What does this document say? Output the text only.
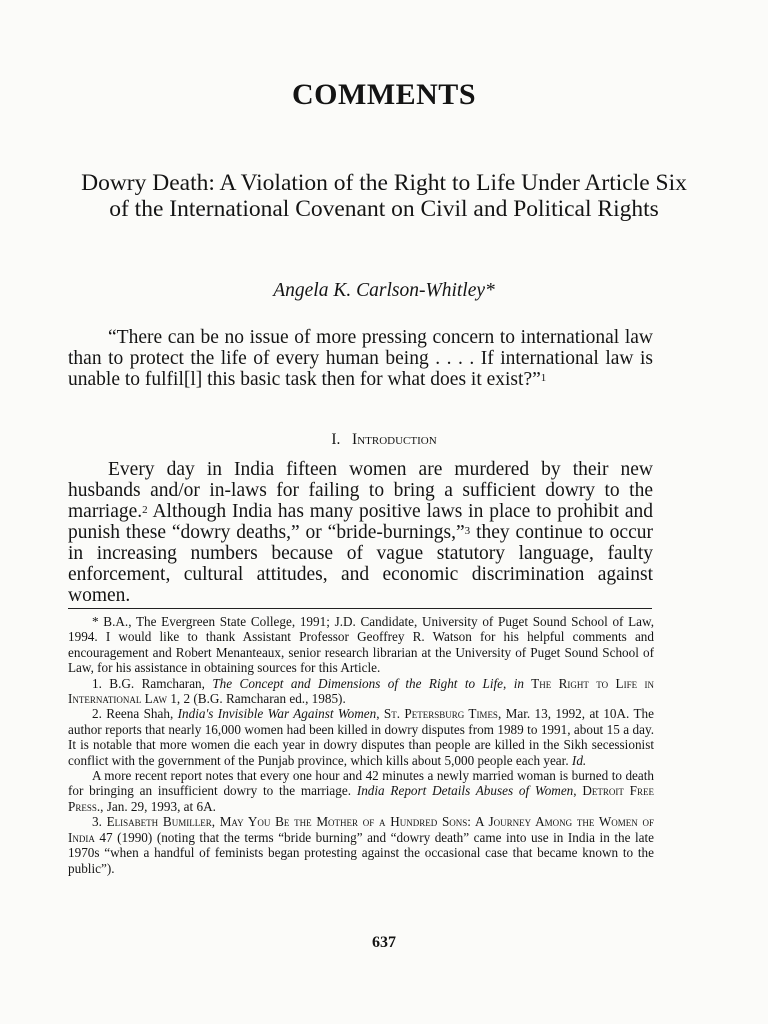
COMMENTS
Dowry Death: A Violation of the Right to Life Under Article Six of the International Covenant on Civil and Political Rights
Angela K. Carlson-Whitley*

“There can be no issue of more pressing concern to international law than to protect the life of every human being . . . . If international law is unable to fulfil[l] this basic task then for what does it exist?”$^1$

I. Introduction

Every day in India fifteen women are murdered by their new husbands and/or in-laws for failing to bring a sufficient dowry to the marriage.$^2$ Although India has many positive laws in place to prohibit and punish these “dowry deaths,” or “bride-burnings,”$^3$ they continue to occur in increasing numbers because of vague statutory language, faulty enforcement, cultural attitudes, and economic discrimination against women.

* B.A., The Evergreen State College, 1991; J.D. Candidate, University of Puget Sound School of Law, 1994. I would like to thank Assistant Professor Geoffrey R. Watson for his helpful comments and encouragement and Robert Menanteaux, senior research librarian at the University of Puget Sound School of Law, for his assistance in obtaining sources for this Article.

1. B.G. Ramcharan, The Concept and Dimensions of the Right to Life, in The Right to Life in International Law 1, 2 (B.G. Ramcharan ed., 1985).

2. Reena Shah, India's Invisible War Against Women, St. Petersburg Times, Mar. 13, 1992, at 10A. The author reports that nearly 16,000 women had been killed in dowry disputes from 1989 to 1991, about 15 a day. It is notable that more women die each year in dowry disputes than people are killed in the Sikh secessionist conflict with the government of the Punjab province, which kills about 5,000 people each year. Id.

A more recent report notes that every one hour and 42 minutes a newly married woman is burned to death for bringing an insufficient dowry to the marriage. India Report Details Abuses of Women, Detroit Free Press., Jan. 29, 1993, at 6A.

3. Elisabeth Bumiller, May You Be the Mother of a Hundred Sons: A Journey Among the Women of India 47 (1990) (noting that the terms “bride burning” and “dowry death” came into use in India in the late 1970s “when a handful of feminists began protesting against the occasional case that became known to the public”).

637
